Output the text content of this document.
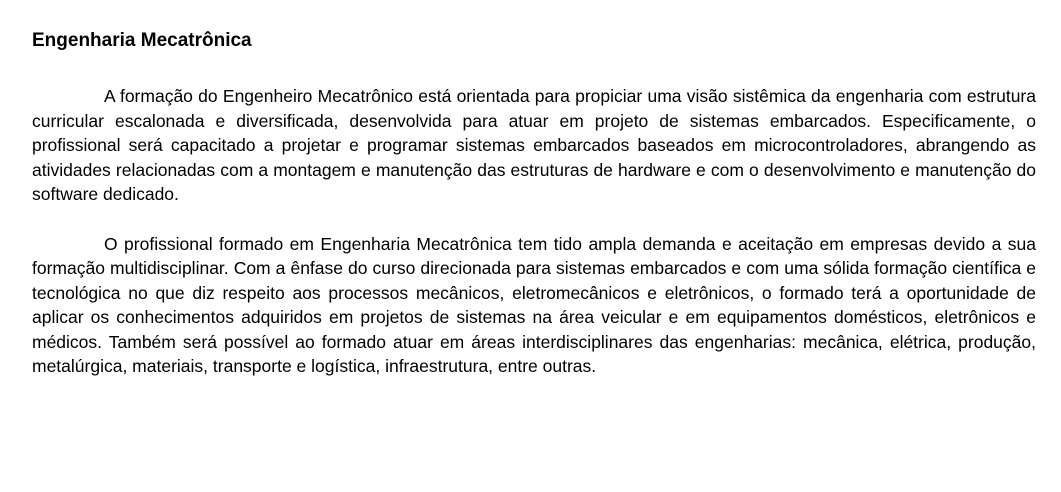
Engenharia Mecatrônica

A formação do Engenheiro Mecatrônico está orientada para propiciar uma visão sistêmica da engenharia com estrutura curricular escalonada e diversificada, desenvolvida para atuar em projeto de sistemas embarcados. Especificamente, o profissional será capacitado a projetar e programar sistemas embarcados baseados em microcontroladores, abrangendo as atividades relacionadas com a montagem e manutenção das estruturas de hardware e com o desenvolvimento e manutenção do software dedicado.

O profissional formado em Engenharia Mecatrônica tem tido ampla demanda e aceitação em empresas devido a sua formação multidisciplinar. Com a ênfase do curso direcionada para sistemas embarcados e com uma sólida formação científica e tecnológica no que diz respeito aos processos mecânicos, eletromecânicos e eletrônicos, o formado terá a oportunidade de aplicar os conhecimentos adquiridos em projetos de sistemas na área veicular e em equipamentos domésticos, eletrônicos e médicos. Também será possível ao formado atuar em áreas interdisciplinares das engenharias: mecânica, elétrica, produção, metalúrgica, materiais, transporte e logística, infraestrutura, entre outras.
